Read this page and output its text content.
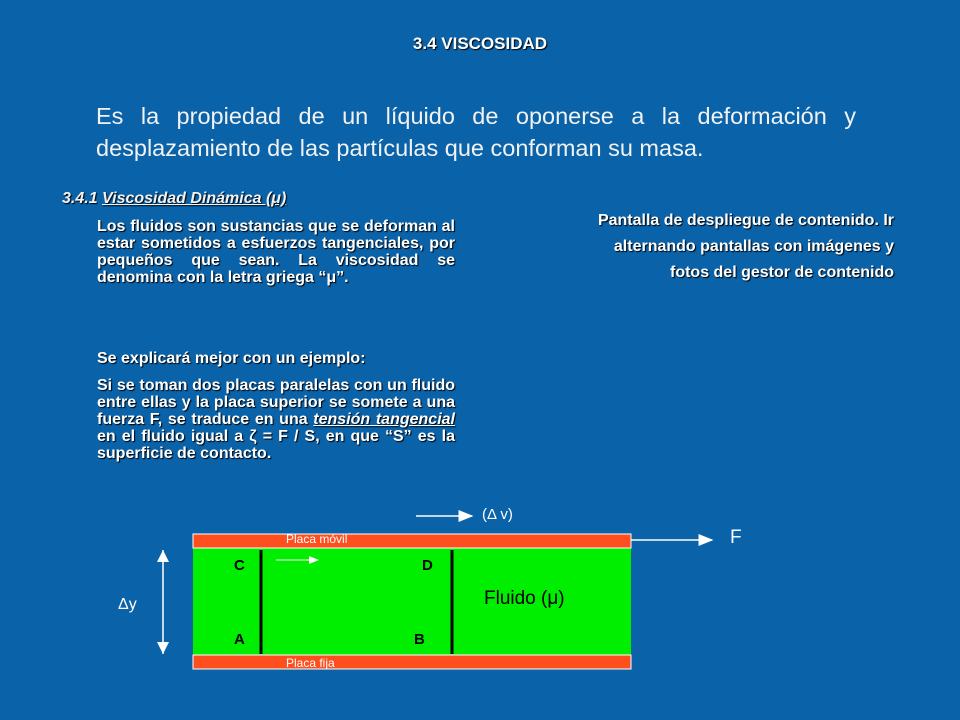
3.4 VISCOSIDAD
Es la propiedad de un líquido de oponerse a la deformación y desplazamiento de las partículas que conforman su masa.
3.4.1 Viscosidad Dinámica (μ)
Los fluidos son sustancias que se deforman al estar sometidos a esfuerzos tangenciales, por pequeños que sean. La viscosidad se denomina con la letra griega “μ”.
Se explicará mejor con un ejemplo:
Si se toman dos placas paralelas con un fluido entre ellas y la placa superior se somete a una fuerza F, se traduce en una tensión tangencial en el fluido igual a ζ = F / S, en que “S” es la superficie de contacto.
Pantalla de despliegue de contenido. Ir alternando pantallas con imágenes y fotos del gestor de contenido
(Δ v)
F
Placa móvil
Placa fija
Fluido (μ)
Δy
C	D
A	B
